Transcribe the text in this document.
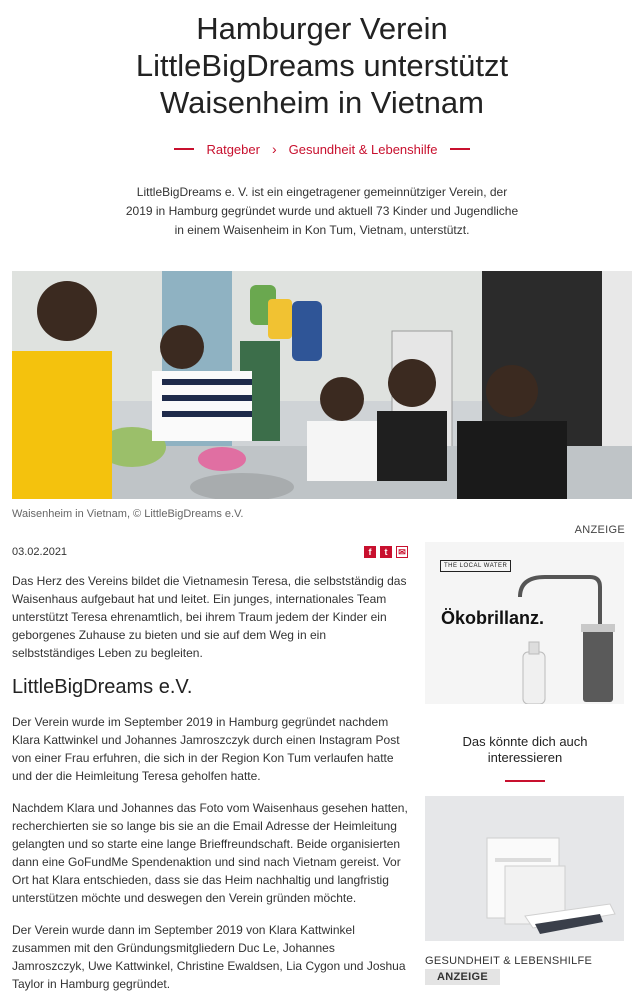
Hamburger Verein
LittleBigDreams unterstützt
Waisenheim in Vietnam
Ratgeber › Gesundheit & Lebenshilfe
LittleBigDreams e. V. ist ein eingetragener gemeinnütziger Verein, der 2019 in Hamburg gegründet wurde und aktuell 73 Kinder und Jugendliche in einem Waisenheim in Kon Tum, Vietnam, unterstützt.
Waisenheim in Vietnam, © LittleBigDreams e.V.
03.02.2021	f	t	✉

Das Herz des Vereins bildet die Vietnamesin Teresa, die selbstständig das Waisenhaus aufgebaut hat und leitet. Ein junges, internationales Team unterstützt Teresa ehrenamtlich, bei ihrem Traum jedem der Kinder ein geborgenes Zuhause zu bieten und sie auf dem Weg in ein selbstständiges Leben zu begleiten.

LittleBigDreams e.V.

Der Verein wurde im September 2019 in Hamburg gegründet nachdem Klara Kattwinkel und Johannes Jamroszczyk durch einen Instagram Post von einer Frau erfuhren, die sich in der Region Kon Tum verlaufen hatte und der die Heimleitung Teresa geholfen hatte.

Nachdem Klara und Johannes das Foto vom Waisenhaus gesehen hatten, recherchierten sie so lange bis sie an die Email Adresse der Heimleitung gelangten und so starte eine lange Brieffreundschaft. Beide organisierten dann eine GoFundMe Spendenaktion und sind nach Vietnam gereist. Vor Ort hat Klara entschieden, dass sie das Heim nachhaltig und langfristig unterstützen möchte und deswegen den Verein gründen möchte.

Der Verein wurde dann im September 2019 von Klara Kattwinkel zusammen mit den Gründungsmitgliedern Duc Le, Johannes Jamroszczyk, Uwe Kattwinkel, Christine Ewaldsen, Lia Cygon und Joshua Taylor in Hamburg gegründet.

ANZEIGE
THE LOCAL WATER
Ökobrillanz.
Das könnte dich auch interessieren
GESUNDHEIT & LEBENSHILFE
ANZEIGE
